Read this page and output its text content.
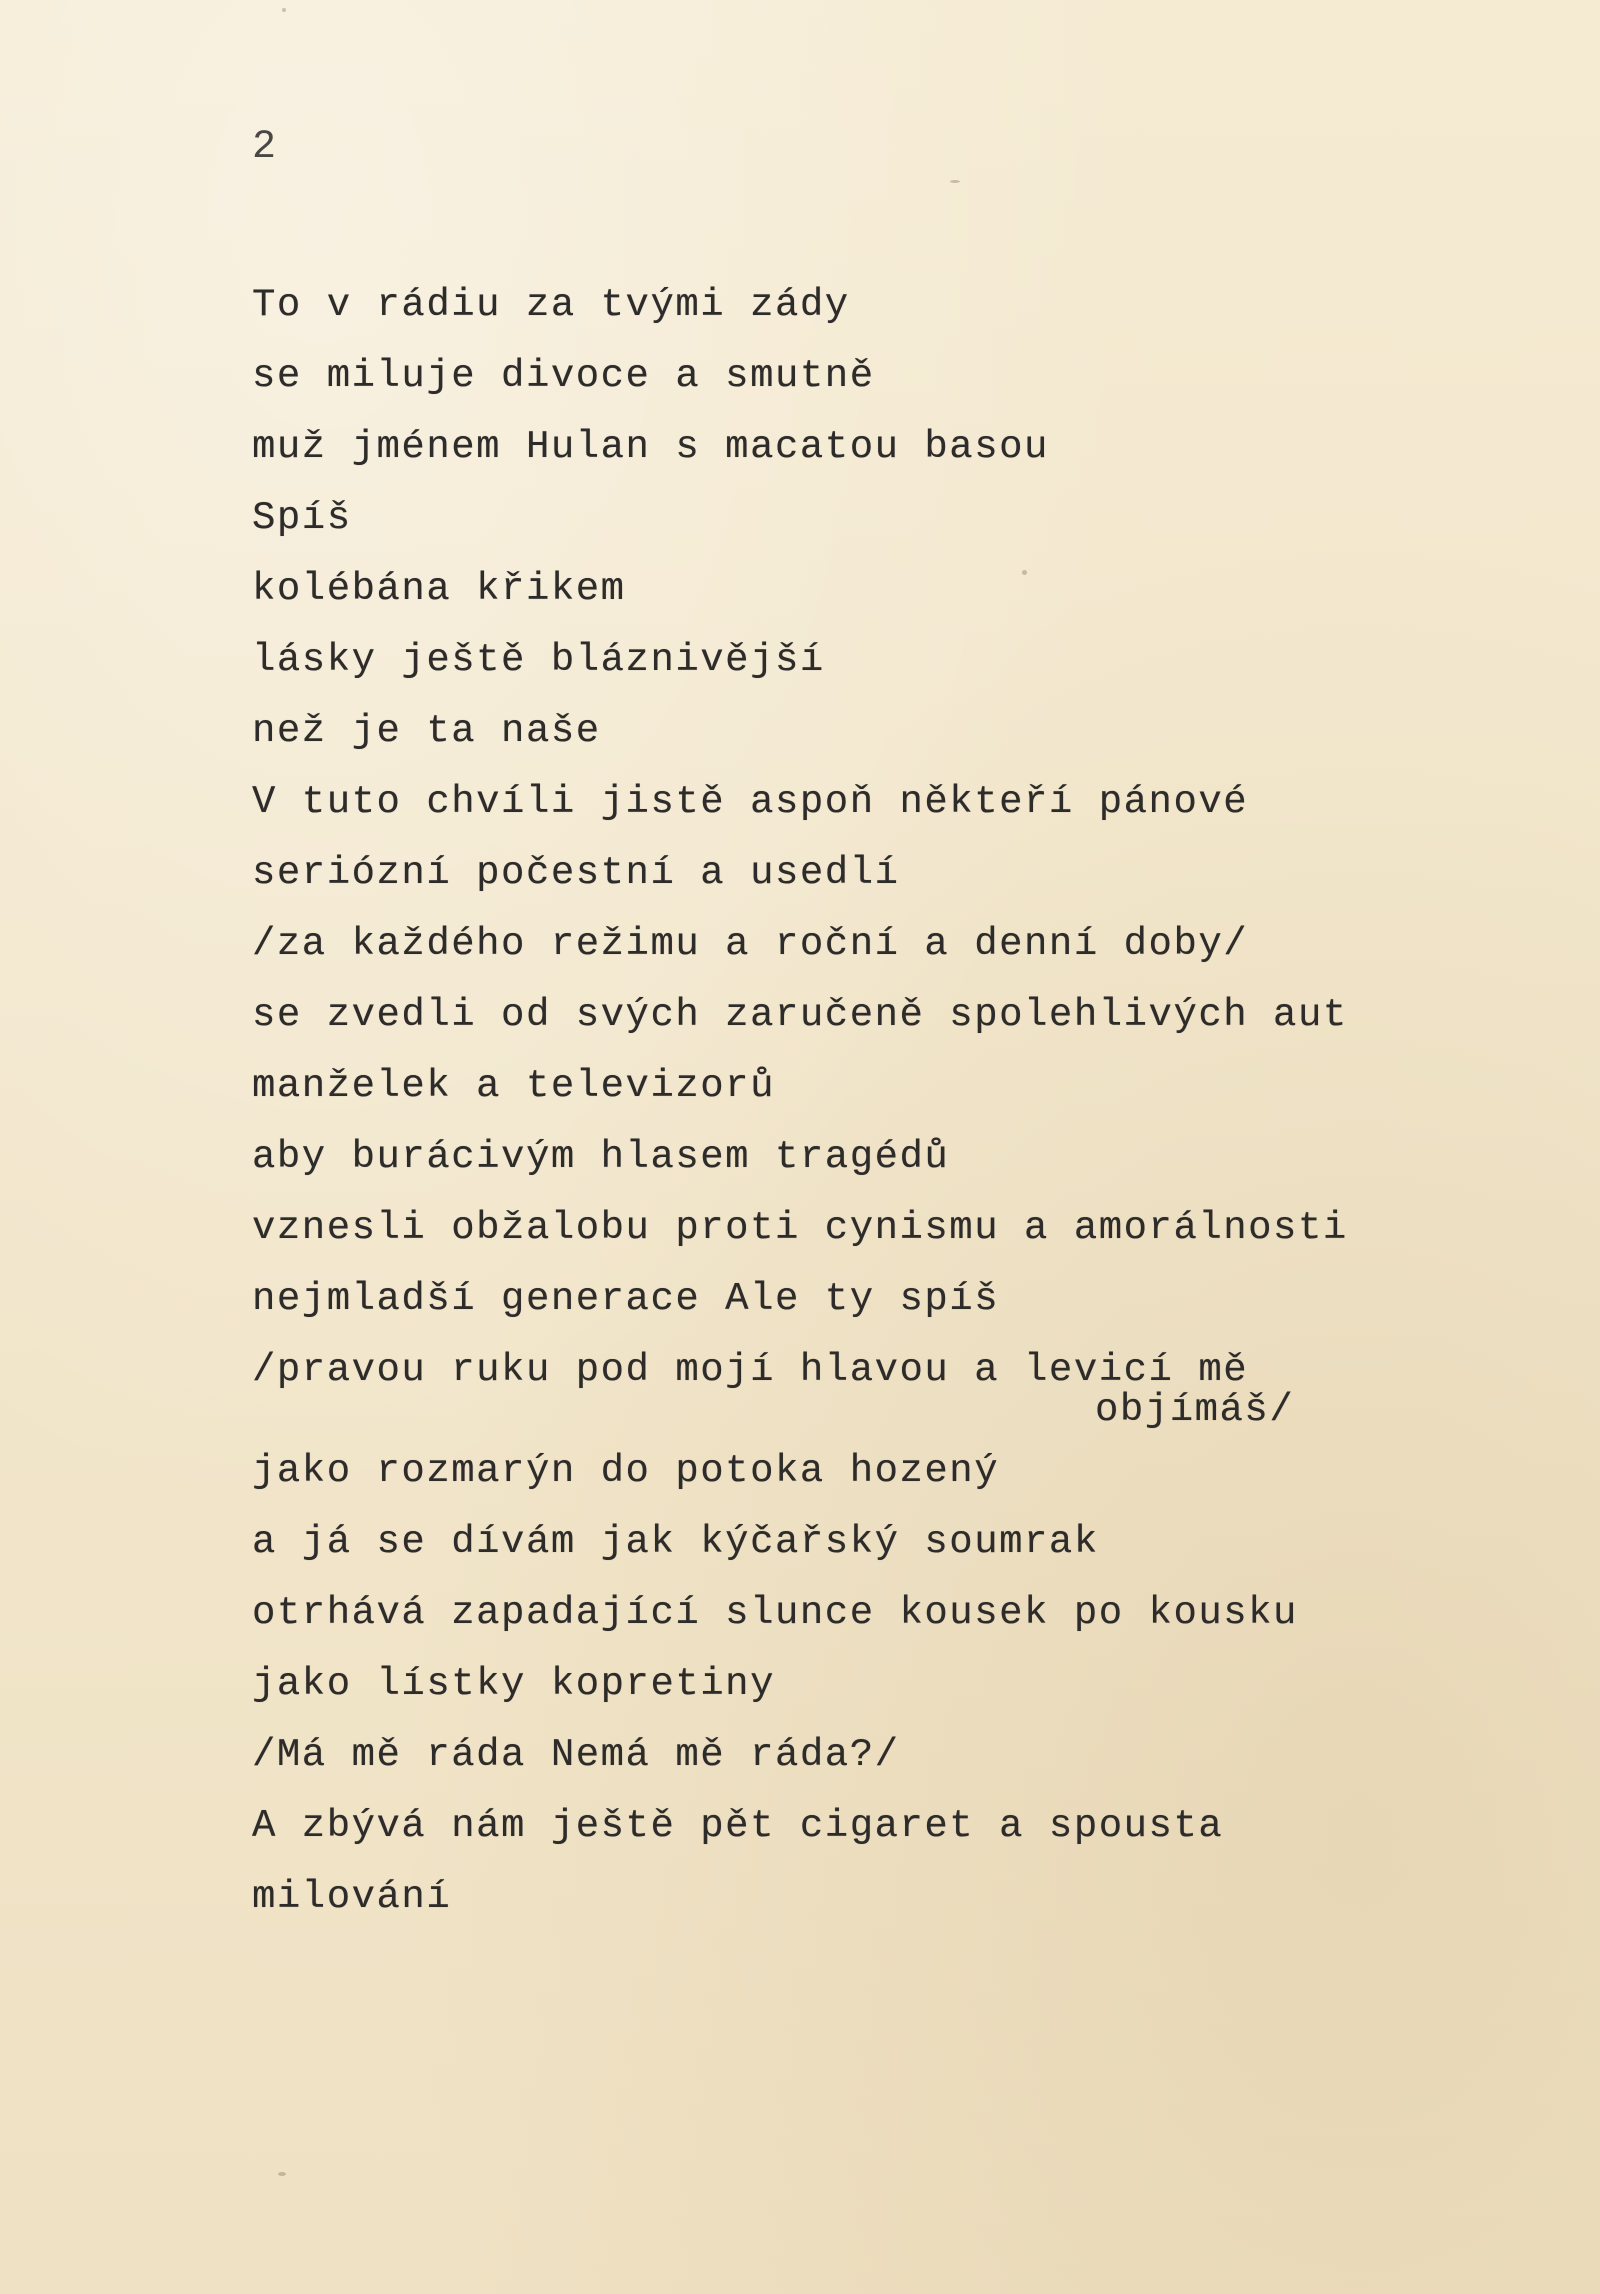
2
To v rádiu za tvými zády
se miluje divoce a smutně
muž jménem Hulan s macatou basou
Spíš
kolébána křikem
lásky ještě bláznivější
než je ta naše
V tuto chvíli jistě aspoň někteří pánové
seriózní počestní a usedlí
/za každého režimu a roční a denní doby/
se zvedli od svých zaručeně spolehlivých aut
manželek a televizorů
aby burácivým hlasem tragédů
vznesli obžalobu proti cynismu a amorálnosti
nejmladší generace Ale ty spíš
/pravou ruku pod mojí hlavou a levicí mě
objímáš/
jako rozmarýn do potoka hozený
a já se dívám jak kýčařský soumrak
otrhává zapadající slunce kousek po kousku
jako lístky kopretiny
/Má mě ráda Nemá mě ráda?/
A zbývá nám ještě pět cigaret a spousta
milování
